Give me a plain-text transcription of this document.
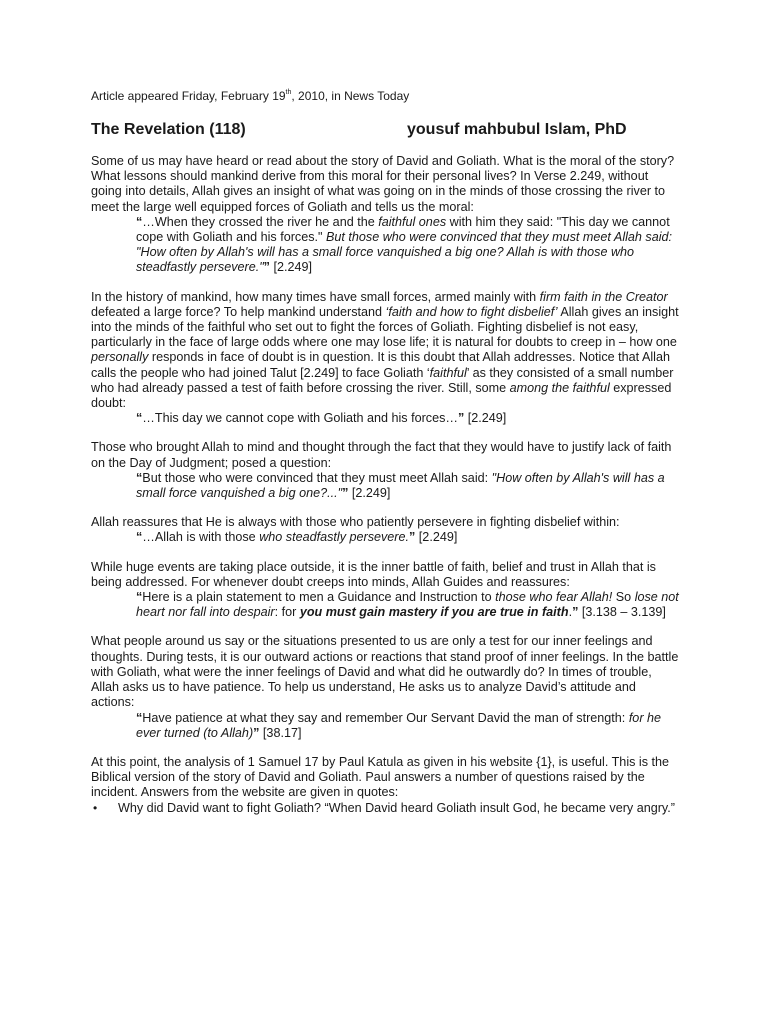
Article appeared Friday, February 19th, 2010, in News Today
The Revelation (118)	yousuf mahbubul Islam, PhD

Some of us may have heard or read about the story of David and Goliath. What is the moral of the story? What lessons should mankind derive from this moral for their personal lives? In Verse 2.249, without going into details, Allah gives an insight of what was going on in the minds of those crossing the river to meet the large well equipped forces of Goliath and tells us the moral:
“…When they crossed the river he and the faithful ones with him they said: "This day we cannot cope with Goliath and his forces." But those who were convinced that they must meet Allah said: "How often by Allah's will has a small force vanquished a big one? Allah is with those who steadfastly persevere."” [2.249]

In the history of mankind, how many times have small forces, armed mainly with firm faith in the Creator defeated a large force? To help mankind understand ‘faith and how to fight disbelief’ Allah gives an insight into the minds of the faithful who set out to fight the forces of Goliath. Fighting disbelief is not easy, particularly in the face of large odds where one may lose life; it is natural for doubts to creep in – how one personally responds in face of doubt is in question. It is this doubt that Allah addresses. Notice that Allah calls the people who had joined Talut [2.249] to face Goliath ‘faithful’ as they consisted of a small number who had already passed a test of faith before crossing the river. Still, some among the faithful expressed doubt:
“…This day we cannot cope with Goliath and his forces…” [2.249]

Those who brought Allah to mind and thought through the fact that they would have to justify lack of faith on the Day of Judgment; posed a question:
“But those who were convinced that they must meet Allah said: "How often by Allah's will has a small force vanquished a big one?..."” [2.249]

Allah reassures that He is always with those who patiently persevere in fighting disbelief within:
“…Allah is with those who steadfastly persevere.” [2.249]

While huge events are taking place outside, it is the inner battle of faith, belief and trust in Allah that is being addressed. For whenever doubt creeps into minds, Allah Guides and reassures:
“Here is a plain statement to men a Guidance and Instruction to those who fear Allah! So lose not heart nor fall into despair: for you must gain mastery if you are true in faith.” [3.138 – 3.139]

What people around us say or the situations presented to us are only a test for our inner feelings and thoughts. During tests, it is our outward actions or reactions that stand proof of inner feelings. In the battle with Goliath, what were the inner feelings of David and what did he outwardly do? In times of trouble, Allah asks us to have patience. To help us understand, He asks us to analyze David’s attitude and actions:
“Have patience at what they say and remember Our Servant David the man of strength: for he ever turned (to Allah)” [38.17]

At this point, the analysis of 1 Samuel 17 by Paul Katula as given in his website {1}, is useful. This is the Biblical version of the story of David and Goliath. Paul answers a number of questions raised by the incident. Answers from the website are given in quotes:

• Why did David want to fight Goliath? “When David heard Goliath insult God, he became very angry.”
